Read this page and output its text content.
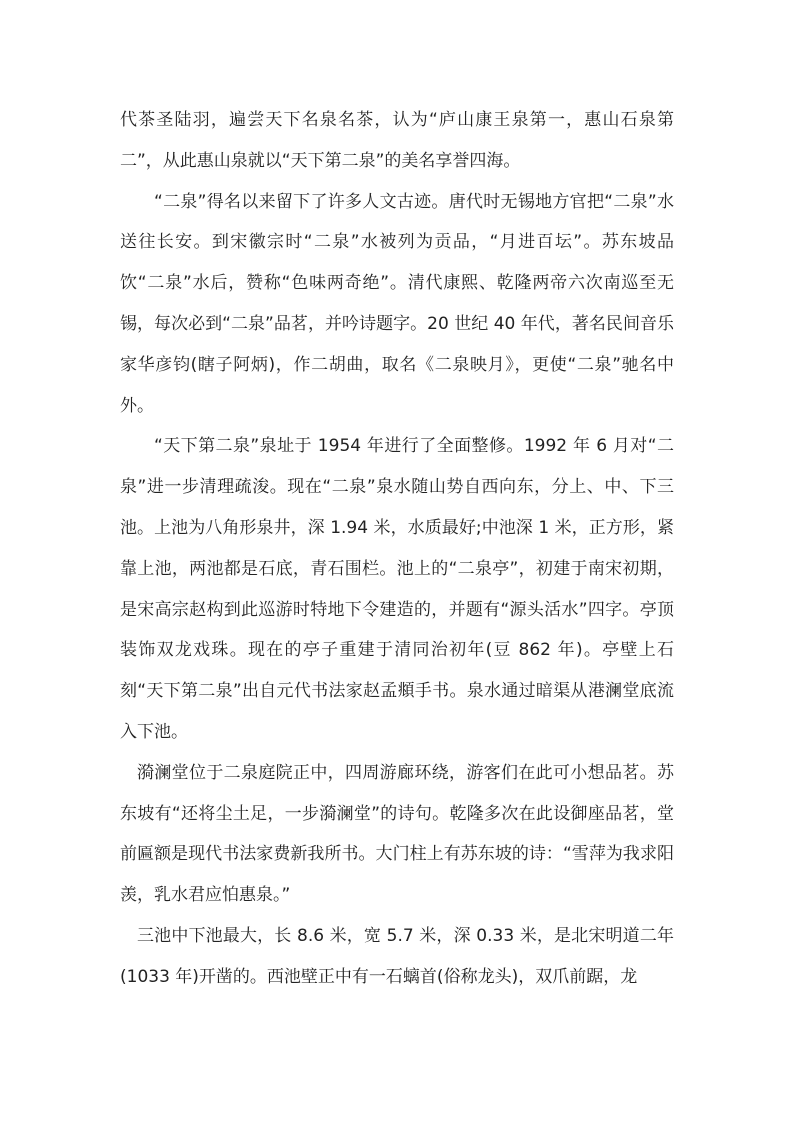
代茶圣陆羽，遍尝天下名泉名茶，认为“庐山康王泉第一，惠山石泉第二”，从此惠山泉就以“天下第二泉”的美名享誉四海。

“二泉”得名以来留下了许多人文古迹。唐代时无锡地方官把“二泉”水送往长安。到宋徽宗时“二泉”水被列为贡品，“月进百坛”。苏东坡品饮“二泉”水后，赞称“色味两奇绝”。清代康熙、乾隆两帝六次南巡至无锡，每次必到“二泉”品茗，并吟诗题字。20 世纪 40 年代，著名民间音乐家华彦钧(瞎子阿炳)，作二胡曲，取名《二泉映月》，更使“二泉”驰名中外。

“天下第二泉”泉址于 1954 年进行了全面整修。1992 年 6 月对“二泉”进一步清理疏浚。现在“二泉”泉水随山势自西向东，分上、中、下三池。上池为八角形泉井，深 1.94 米，水质最好;中池深 1 米，正方形，紧靠上池，两池都是石底，青石围栏。池上的“二泉亭”，初建于南宋初期，是宋高宗赵构到此巡游时特地下令建造的，并题有“源头活水”四字。亭顶装饰双龙戏珠。现在的亭子重建于清同治初年(豆 862 年)。亭壁上石刻“天下第二泉”出自元代书法家赵孟頫手书。泉水通过暗渠从港澜堂底流入下池。

漪澜堂位于二泉庭院正中，四周游廊环绕，游客们在此可小想品茗。苏东坡有“还将尘土足，一步漪澜堂”的诗句。乾隆多次在此设御座品茗，堂前匾额是现代书法家费新我所书。大门柱上有苏东坡的诗：“雪萍为我求阳羡，乳水君应怕惠泉。”

三池中下池最大，长 8.6 米，宽 5.7 米，深 0.33 米，是北宋明道二年(1033 年)开凿的。西池壁正中有一石螭首(俗称龙头)，双爪前踞，龙
